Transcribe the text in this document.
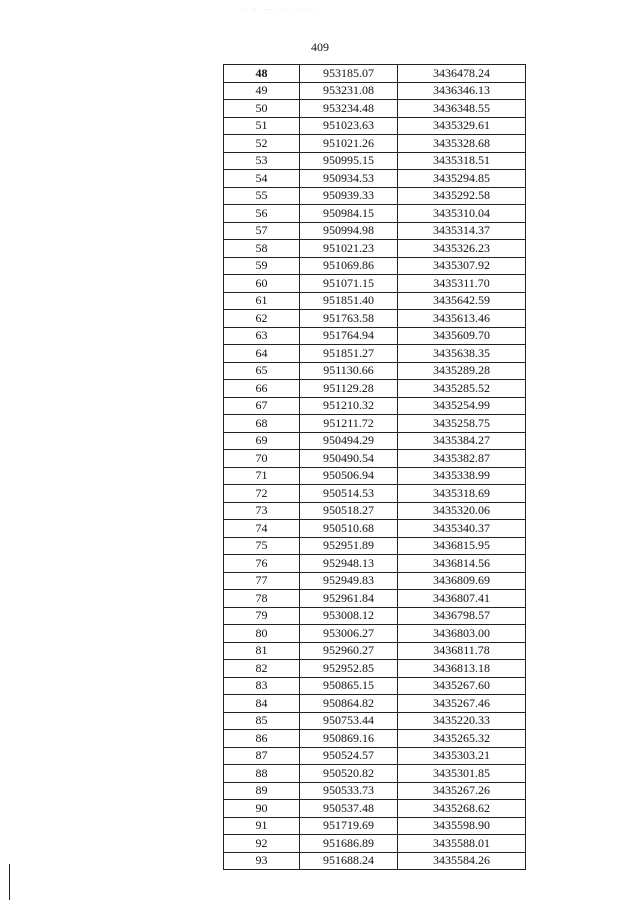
· ' ·· ···· · ·· · ···· ·
409
48	953185.07	3436478.24
49	953231.08	3436346.13
50	953234.48	3436348.55
51	951023.63	3435329.61
52	951021.26	3435328.68
53	950995.15	3435318.51
54	950934.53	3435294.85
55	950939.33	3435292.58
56	950984.15	3435310.04
57	950994.98	3435314.37
58	951021.23	3435326.23
59	951069.86	3435307.92
60	951071.15	3435311.70
61	951851.40	3435642.59
62	951763.58	3435613.46
63	951764.94	3435609.70
64	951851.27	3435638.35
65	951130.66	3435289.28
66	951129.28	3435285.52
67	951210.32	3435254.99
68	951211.72	3435258.75
69	950494.29	3435384.27
70	950490.54	3435382.87
71	950506.94	3435338.99
72	950514.53	3435318.69
73	950518.27	3435320.06
74	950510.68	3435340.37
75	952951.89	3436815.95
76	952948.13	3436814.56
77	952949.83	3436809.69
78	952961.84	3436807.41
79	953008.12	3436798.57
80	953006.27	3436803.00
81	952960.27	3436811.78
82	952952.85	3436813.18
83	950865.15	3435267.60
84	950864.82	3435267.46
85	950753.44	3435220.33
86	950869.16	3435265.32
87	950524.57	3435303.21
88	950520.82	3435301.85
89	950533.73	3435267.26
90	950537.48	3435268.62
91	951719.69	3435598.90
92	951686.89	3435588.01
93	951688.24	3435584.26
